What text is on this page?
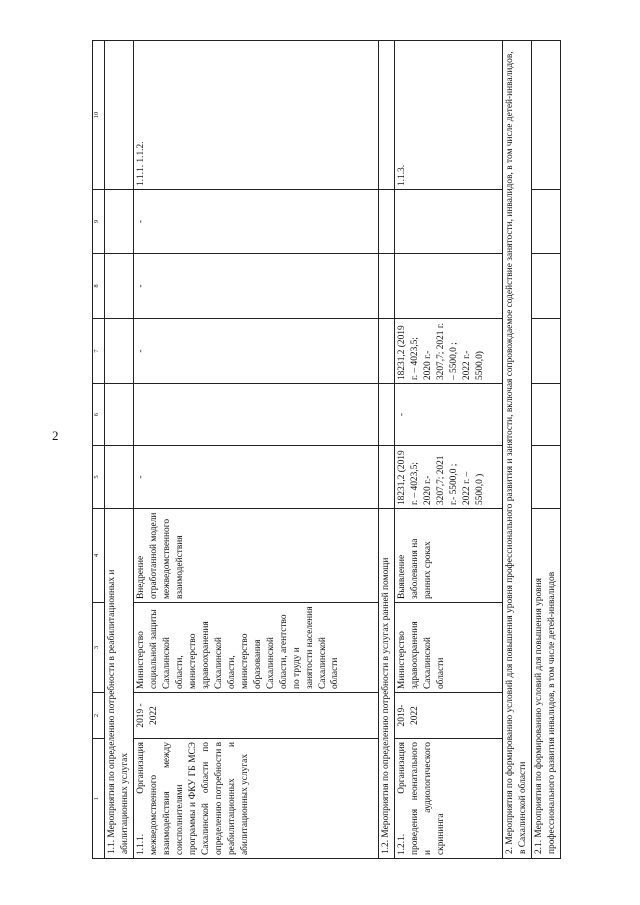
2
1	2	3	4	5	6	7	8	9	10
1.1. Мероприятия по определению потребности в реабилитационных и абилитационных услугах									
1.1.1. Организация межведомственного взаимодействия между соисполнителями программы и ФКУ ГБ МСЭ Сахалинской области по определению потребности в реабилитационных и абилитационных услугах	2019 - 2022	Министерство социальной защиты Сахалинской области, министерство здравоохранения Сахалинской области, министерство образования Сахалинской области, агентство по труду и занятости населения Сахалинской области	Внедрение отработанной модели межведомственного взаимодействия	-		-	-	-	1.1.1. 1.1.2.
1.2. Мероприятия по определению потребности в услугах ранней помощи									
1.2.1. Организация проведения неонатального и аудиологического скрининга	2019- 2022	Министерство здравоохранения Сахалинской области	Выявление заболевания на ранних сроках	18231,2 (2019 г. – 4023,5; 2020 г.- 3207,7; 2021 г.- 5500,0 ; 2022 г. – 5500,0 )	-	18231,2 (2019 г. – 4023,5; 2020 г.- 3207,7; 2021 г. – 5500,0 ; 2022 г.- 5500,0)			1.1.3.
2. Мероприятия по формированию условий для повышения уровня профессионального развития и занятости, включая сопровождаемое содействие занятости, инвалидов, в том числе детей-инвалидов, в Сахалинской области									
2.1. Мероприятия по формированию условий для повышения уровня профессионального развития инвалидов, в том числе детей-инвалидов									
